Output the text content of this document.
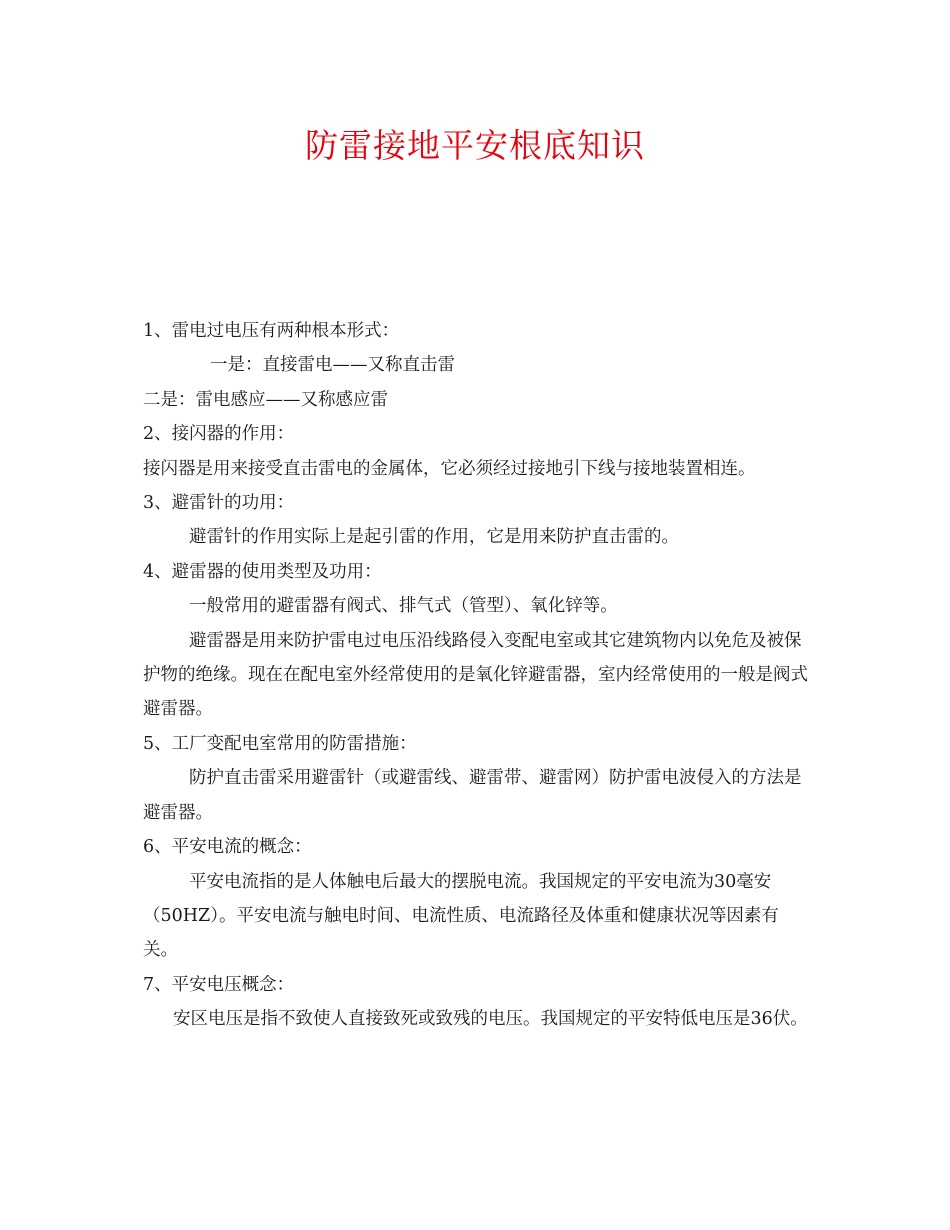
防雷接地平安根底知识

1、雷电过电压有两种根本形式：

一是：直接雷电——又称直击雷

二是：雷电感应——又称感应雷

2、接闪器的作用：

接闪器是用来接受直击雷电的金属体，它必须经过接地引下线与接地装置相连。

3、避雷针的功用：

避雷针的作用实际上是起引雷的作用，它是用来防护直击雷的。

4、避雷器的使用类型及功用：

一般常用的避雷器有阀式、排气式（管型）、氧化锌等。

避雷器是用来防护雷电过电压沿线路侵入变配电室或其它建筑物内以免危及被保护物的绝缘。现在在配电室外经常使用的是氧化锌避雷器，室内经常使用的一般是阀式避雷器。

5、工厂变配电室常用的防雷措施：

防护直击雷采用避雷针（或避雷线、避雷带、避雷网）防护雷电波侵入的方法是避雷器。

6、平安电流的概念：

平安电流指的是人体触电后最大的摆脱电流。我国规定的平安电流为30毫安（50HZ）。平安电流与触电时间、电流性质、电流路径及体重和健康状况等因素有关。

7、平安电压概念：

安区电压是指不致使人直接致死或致残的电压。我国规定的平安特低电压是36伏。
